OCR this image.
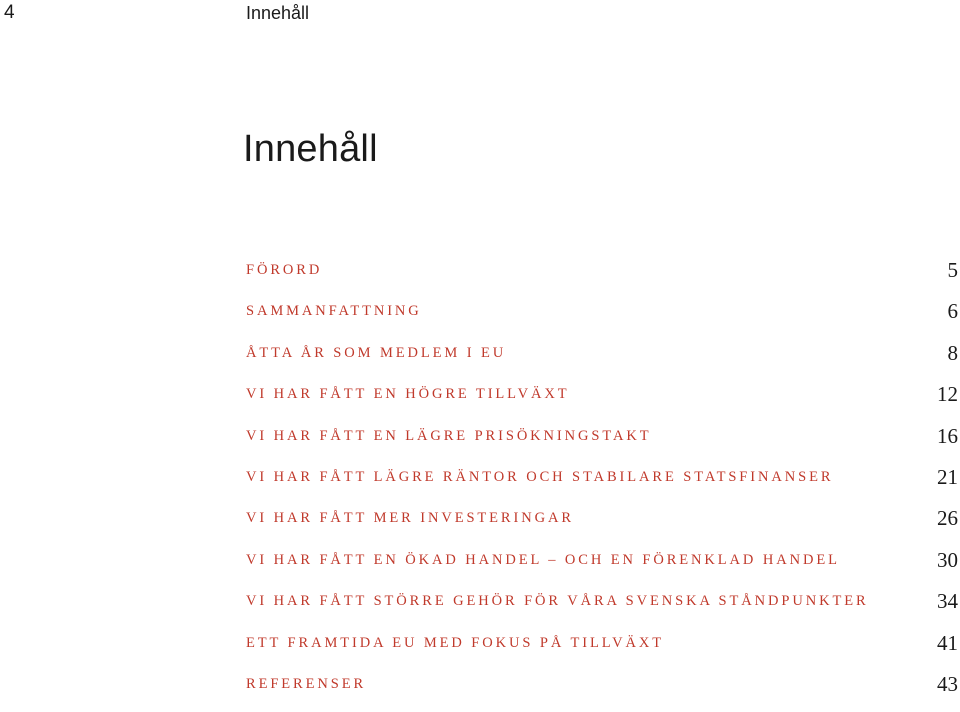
4	Innehåll
Innehåll
FÖRORD	5
SAMMANFATTNING	6
ÅTTA ÅR SOM MEDLEM I EU	8
VI HAR FÅTT EN HÖGRE TILLVÄXT	12
VI HAR FÅTT EN LÄGRE PRISÖKNINGSTAKT	16
VI HAR FÅTT LÄGRE RÄNTOR OCH STABILARE STATSFINANSER	21
VI HAR FÅTT MER INVESTERINGAR	26
VI HAR FÅTT EN ÖKAD HANDEL – OCH EN FÖRENKLAD HANDEL	30
VI HAR FÅTT STÖRRE GEHÖR FÖR VÅRA SVENSKA STÅNDPUNKTER	34
ETT FRAMTIDA EU MED FOKUS PÅ TILLVÄXT	41
REFERENSER	43
